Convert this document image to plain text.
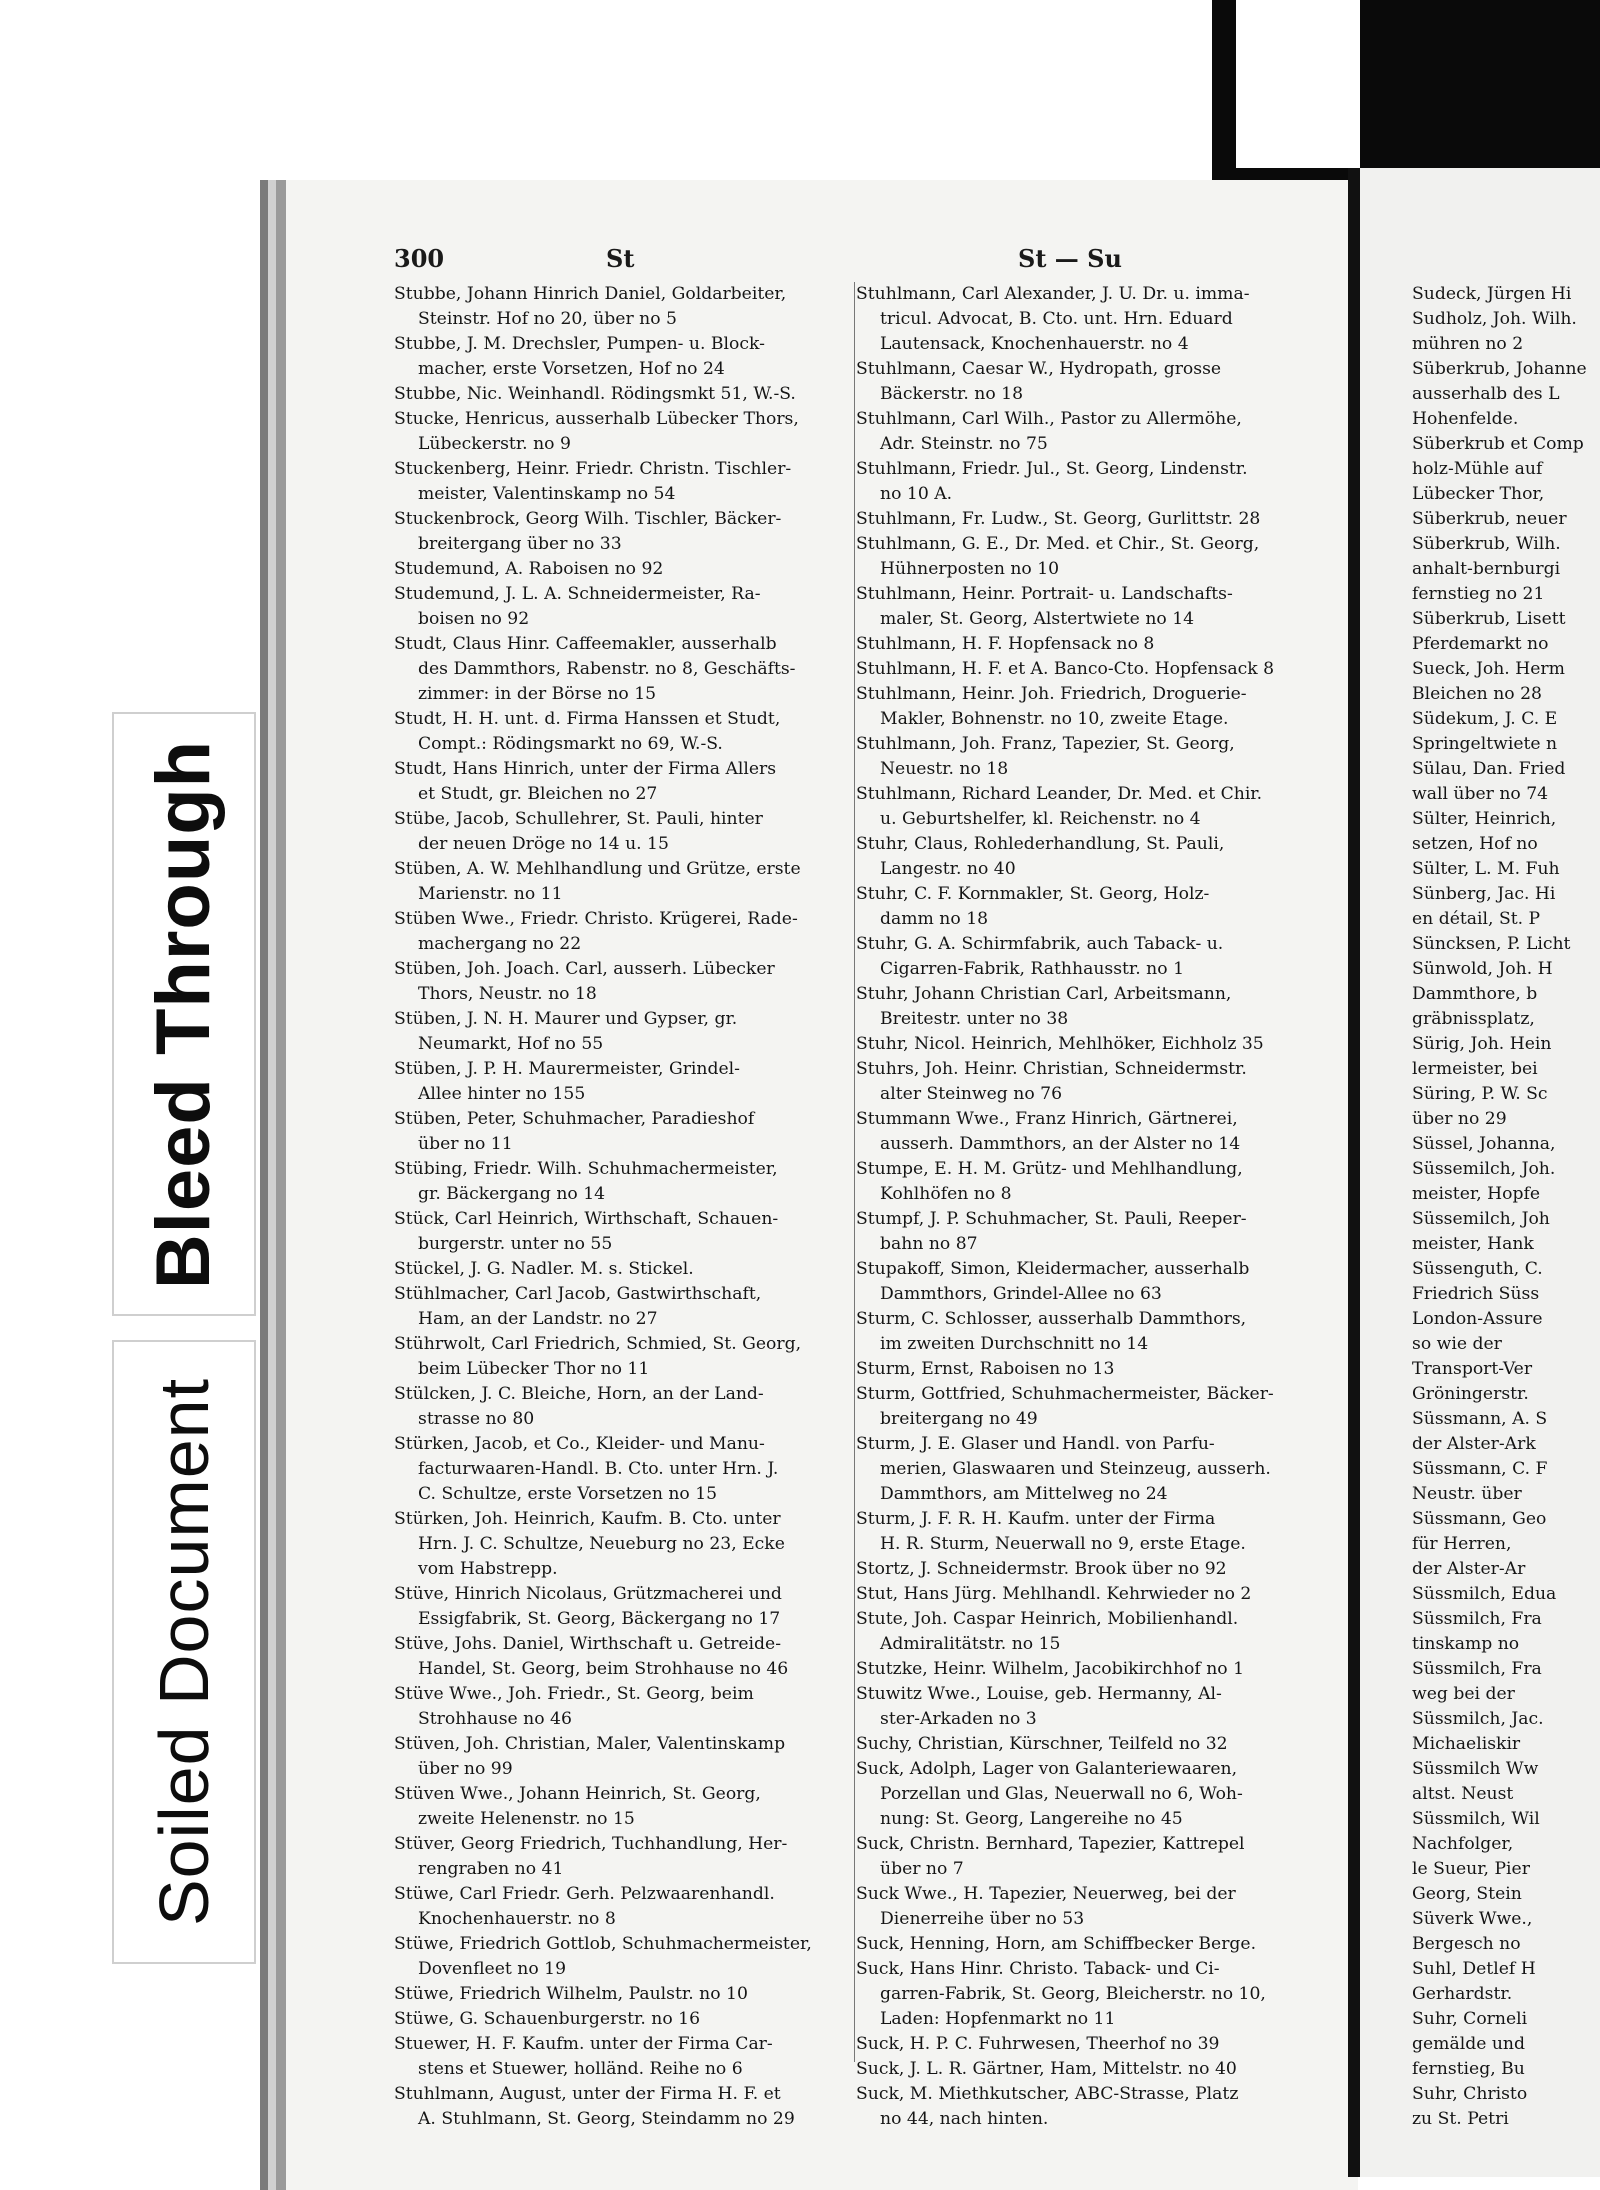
Bleed Through
Soiled Document
300	St	St — Su
Stubbe, Johann Hinrich Daniel, Goldarbeiter,
Steinstr. Hof no 20, über no 5
Stubbe, J. M. Drechsler, Pumpen- u. Block-
macher, erste Vorsetzen, Hof no 24
Stubbe, Nic. Weinhandl. Rödingsmkt 51, W.-S.
Stucke, Henricus, ausserhalb Lübecker Thors,
Lübeckerstr. no 9
Stuckenberg, Heinr. Friedr. Christn. Tischler-
meister, Valentinskamp no 54
Stuckenbrock, Georg Wilh. Tischler, Bäcker-
breitergang über no 33
Studemund, A. Raboisen no 92
Studemund, J. L. A. Schneidermeister, Ra-
boisen no 92
Studt, Claus Hinr. Caffeemakler, ausserhalb
des Dammthors, Rabenstr. no 8, Geschäfts-
zimmer: in der Börse no 15
Studt, H. H. unt. d. Firma Hanssen et Studt,
Compt.: Rödingsmarkt no 69, W.-S.
Studt, Hans Hinrich, unter der Firma Allers
et Studt, gr. Bleichen no 27
Stübe, Jacob, Schullehrer, St. Pauli, hinter
der neuen Dröge no 14 u. 15
Stüben, A. W. Mehlhandlung und Grütze, erste
Marienstr. no 11
Stüben Wwe., Friedr. Christo. Krügerei, Rade-
machergang no 22
Stüben, Joh. Joach. Carl, ausserh. Lübecker
Thors, Neustr. no 18
Stüben, J. N. H. Maurer und Gypser, gr.
Neumarkt, Hof no 55
Stüben, J. P. H. Maurermeister, Grindel-
Allee hinter no 155
Stüben, Peter, Schuhmacher, Paradieshof
über no 11
Stübing, Friedr. Wilh. Schuhmachermeister,
gr. Bäckergang no 14
Stück, Carl Heinrich, Wirthschaft, Schauen-
burgerstr. unter no 55
Stückel, J. G. Nadler. M. s. Stickel.
Stühlmacher, Carl Jacob, Gastwirthschaft,
Ham, an der Landstr. no 27
Stührwolt, Carl Friedrich, Schmied, St. Georg,
beim Lübecker Thor no 11
Stülcken, J. C. Bleiche, Horn, an der Land-
strasse no 80
Stürken, Jacob, et Co., Kleider- und Manu-
facturwaaren-Handl. B. Cto. unter Hrn. J.
C. Schultze, erste Vorsetzen no 15
Stürken, Joh. Heinrich, Kaufm. B. Cto. unter
Hrn. J. C. Schultze, Neueburg no 23, Ecke
vom Habstrepp.
Stüve, Hinrich Nicolaus, Grützmacherei und
Essigfabrik, St. Georg, Bäckergang no 17
Stüve, Johs. Daniel, Wirthschaft u. Getreide-
Handel, St. Georg, beim Strohhause no 46
Stüve Wwe., Joh. Friedr., St. Georg, beim
Strohhause no 46
Stüven, Joh. Christian, Maler, Valentinskamp
über no 99
Stüven Wwe., Johann Heinrich, St. Georg,
zweite Helenenstr. no 15
Stüver, Georg Friedrich, Tuchhandlung, Her-
rengraben no 41
Stüwe, Carl Friedr. Gerh. Pelzwaarenhandl.
Knochenhauerstr. no 8
Stüwe, Friedrich Gottlob, Schuhmachermeister,
Dovenfleet no 19
Stüwe, Friedrich Wilhelm, Paulstr. no 10
Stüwe, G. Schauenburgerstr. no 16
Stuewer, H. F. Kaufm. unter der Firma Car-
stens et Stuewer, holländ. Reihe no 6
Stuhlmann, August, unter der Firma H. F. et
A. Stuhlmann, St. Georg, Steindamm no 29
Stuhlmann, Carl Alexander, J. U. Dr. u. imma-
tricul. Advocat, B. Cto. unt. Hrn. Eduard
Lautensack, Knochenhauerstr. no 4
Stuhlmann, Caesar W., Hydropath, grosse
Bäckerstr. no 18
Stuhlmann, Carl Wilh., Pastor zu Allermöhe,
Adr. Steinstr. no 75
Stuhlmann, Friedr. Jul., St. Georg, Lindenstr.
no 10 A.
Stuhlmann, Fr. Ludw., St. Georg, Gurlittstr. 28
Stuhlmann, G. E., Dr. Med. et Chir., St. Georg,
Hühnerposten no 10
Stuhlmann, Heinr. Portrait- u. Landschafts-
maler, St. Georg, Alstertwiete no 14
Stuhlmann, H. F. Hopfensack no 8
Stuhlmann, H. F. et A. Banco-Cto. Hopfensack 8
Stuhlmann, Heinr. Joh. Friedrich, Droguerie-
Makler, Bohnenstr. no 10, zweite Etage.
Stuhlmann, Joh. Franz, Tapezier, St. Georg,
Neuestr. no 18
Stuhlmann, Richard Leander, Dr. Med. et Chir.
u. Geburtshelfer, kl. Reichenstr. no 4
Stuhr, Claus, Rohlederhandlung, St. Pauli,
Langestr. no 40
Stuhr, C. F. Kornmakler, St. Georg, Holz-
damm no 18
Stuhr, G. A. Schirmfabrik, auch Taback- u.
Cigarren-Fabrik, Rathhausstr. no 1
Stuhr, Johann Christian Carl, Arbeitsmann,
Breitestr. unter no 38
Stuhr, Nicol. Heinrich, Mehlhöker, Eichholz 35
Stuhrs, Joh. Heinr. Christian, Schneidermstr.
alter Steinweg no 76
Stummann Wwe., Franz Hinrich, Gärtnerei,
ausserh. Dammthors, an der Alster no 14
Stumpe, E. H. M. Grütz- und Mehlhandlung,
Kohlhöfen no 8
Stumpf, J. P. Schuhmacher, St. Pauli, Reeper-
bahn no 87
Stupakoff, Simon, Kleidermacher, ausserhalb
Dammthors, Grindel-Allee no 63
Sturm, C. Schlosser, ausserhalb Dammthors,
im zweiten Durchschnitt no 14
Sturm, Ernst, Raboisen no 13
Sturm, Gottfried, Schuhmachermeister, Bäcker-
breitergang no 49
Sturm, J. E. Glaser und Handl. von Parfu-
merien, Glaswaaren und Steinzeug, ausserh.
Dammthors, am Mittelweg no 24
Sturm, J. F. R. H. Kaufm. unter der Firma
H. R. Sturm, Neuerwall no 9, erste Etage.
Stortz, J. Schneidermstr. Brook über no 92
Stut, Hans Jürg. Mehlhandl. Kehrwieder no 2
Stute, Joh. Caspar Heinrich, Mobilienhandl.
Admiralitätstr. no 15
Stutzke, Heinr. Wilhelm, Jacobikirchhof no 1
Stuwitz Wwe., Louise, geb. Hermanny, Al-
ster-Arkaden no 3
Suchy, Christian, Kürschner, Teilfeld no 32
Suck, Adolph, Lager von Galanteriewaaren,
Porzellan und Glas, Neuerwall no 6, Woh-
nung: St. Georg, Langereihe no 45
Suck, Christn. Bernhard, Tapezier, Kattrepel
über no 7
Suck Wwe., H. Tapezier, Neuerweg, bei der
Dienerreihe über no 53
Suck, Henning, Horn, am Schiffbecker Berge.
Suck, Hans Hinr. Christo. Taback- und Ci-
garren-Fabrik, St. Georg, Bleicherstr. no 10,
Laden: Hopfenmarkt no 11
Suck, H. P. C. Fuhrwesen, Theerhof no 39
Suck, J. L. R. Gärtner, Ham, Mittelstr. no 40
Suck, M. Miethkutscher, ABC-Strasse, Platz
no 44, nach hinten.
Sudeck, Jürgen Hi
Sudholz, Joh. Wilh.
mühren no 2
Süberkrub, Johanne
ausserhalb des L
Hohenfelde.
Süberkrub et Comp
holz-Mühle auf
Lübecker Thor,
Süberkrub, neuer
Süberkrub, Wilh.
anhalt-bernburgi
fernstieg no 21
Süberkrub, Lisett
Pferdemarkt no
Sueck, Joh. Herm
Bleichen no 28
Südekum, J. C. E
Springeltwiete n
Sülau, Dan. Fried
wall über no 74
Sülter, Heinrich,
setzen, Hof no
Sülter, L. M. Fuh
Sünberg, Jac. Hi
en détail, St. P
Süncksen, P. Licht
Sünwold, Joh. H
Dammthore, b
gräbnissplatz,
Sürig, Joh. Hein
lermeister, bei
Süring, P. W. Sc
über no 29
Süssel, Johanna,
Süssemilch, Joh.
meister, Hopfe
Süssemilch, Joh
meister, Hank
Süssenguth, C.
Friedrich Süss
London-Assure
so wie der
Transport-Ver
Gröningerstr.
Süssmann, A. S
der Alster-Ark
Süssmann, C. F
Neustr. über
Süssmann, Geo
für Herren,
der Alster-Ar
Süssmilch, Edua
Süssmilch, Fra
tinskamp no
Süssmilch, Fra
weg bei der
Süssmilch, Jac.
Michaeliskir
Süssmilch Ww
altst. Neust
Süssmilch, Wil
Nachfolger,
le Sueur, Pier
Georg, Stein
Süverk Wwe.,
Bergesch no
Suhl, Detlef H
Gerhardstr.
Suhr, Corneli
gemälde und
fernstieg, Bu
Suhr, Christo
zu St. Petri
